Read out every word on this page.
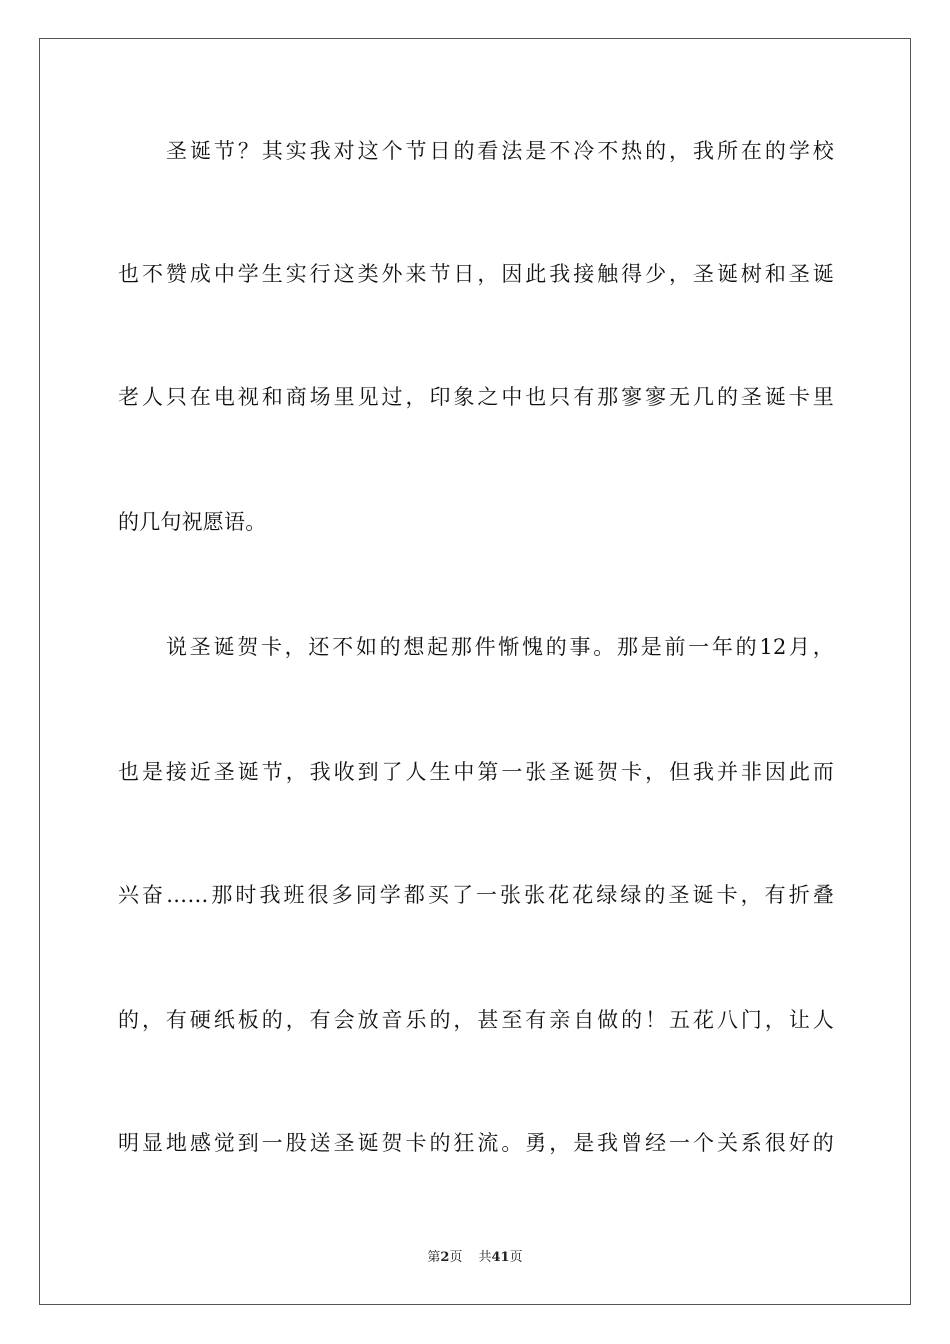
圣诞节？其实我对这个节日的看法是不冷不热的，我所在的学校
也不赞成中学生实行这类外来节日，因此我接触得少，圣诞树和圣诞
老人只在电视和商场里见过，印象之中也只有那寥寥无几的圣诞卡里
的几句祝愿语。
说圣诞贺卡，还不如的想起那件惭愧的事。那是前一年的12月，
也是接近圣诞节，我收到了人生中第一张圣诞贺卡，但我并非因此而
兴奋……那时我班很多同学都买了一张张花花绿绿的圣诞卡，有折叠
的，有硬纸板的，有会放音乐的，甚至有亲自做的！五花八门，让人
明显地感觉到一股送圣诞贺卡的狂流。勇，是我曾经一个关系很好的
第2页 共41页
